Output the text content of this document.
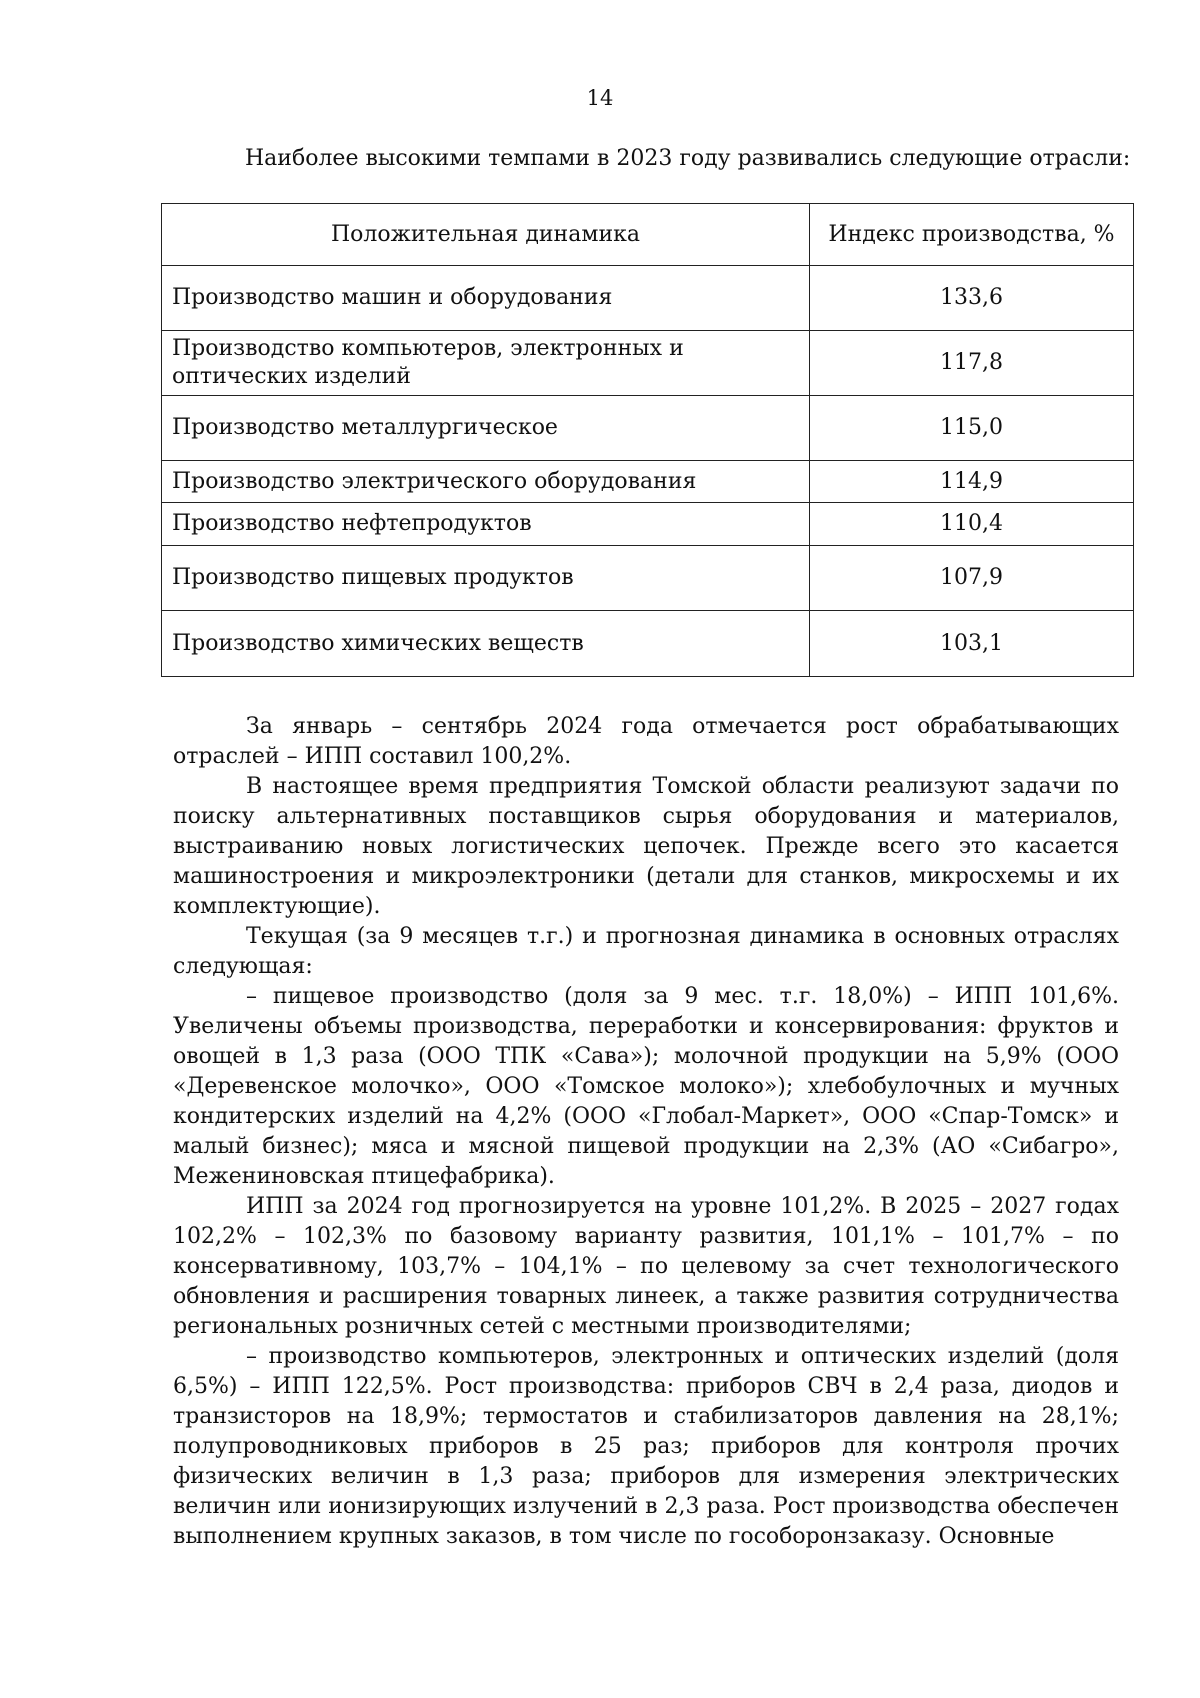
14

Наиболее высокими темпами в 2023 году развивались следующие отрасли:

Положительная динамика	Индекс производства, %
Производство машин и оборудования	133,6
Производство компьютеров, электронных и оптических изделий	117,8
Производство металлургическое	115,0
Производство электрического оборудования	114,9
Производство нефтепродуктов	110,4
Производство пищевых продуктов	107,9
Производство химических веществ	103,1

За январь – сентябрь 2024 года отмечается рост обрабатывающих отраслей – ИПП составил 100,2%.

В настоящее время предприятия Томской области реализуют задачи по поиску альтернативных поставщиков сырья оборудования и материалов, выстраиванию новых логистических цепочек. Прежде всего это касается машиностроения и микроэлектроники (детали для станков, микросхемы и их комплектующие).

Текущая (за 9 месяцев т.г.) и прогнозная динамика в основных отраслях следующая:

– пищевое производство (доля за 9 мес. т.г. 18,0%) – ИПП 101,6%. Увеличены объемы производства, переработки и консервирования: фруктов и овощей в 1,3 раза (ООО ТПК «Сава»); молочной продукции на 5,9% (ООО «Деревенское молочко», ООО «Томское молоко»); хлебобулочных и мучных кондитерских изделий на 4,2% (ООО «Глобал-Маркет», ООО «Спар-Томск» и малый бизнес); мяса и мясной пищевой продукции на 2,3% (АО «Сибагро», Межениновская птицефабрика).

ИПП за 2024 год прогнозируется на уровне 101,2%. В 2025 – 2027 годах 102,2% – 102,3% по базовому варианту развития, 101,1% – 101,7% – по консервативному, 103,7% – 104,1% – по целевому за счет технологического обновления и расширения товарных линеек, а также развития сотрудничества региональных розничных сетей с местными производителями;

– производство компьютеров, электронных и оптических изделий (доля 6,5%) – ИПП 122,5%. Рост производства: приборов СВЧ в 2,4 раза, диодов и транзисторов на 18,9%; термостатов и стабилизаторов давления на 28,1%; полупроводниковых приборов в 25 раз; приборов для контроля прочих физических величин в 1,3 раза; приборов для измерения электрических величин или ионизирующих излучений в 2,3 раза. Рост производства обеспечен выполнением крупных заказов, в том числе по гособоронзаказу. Основные
